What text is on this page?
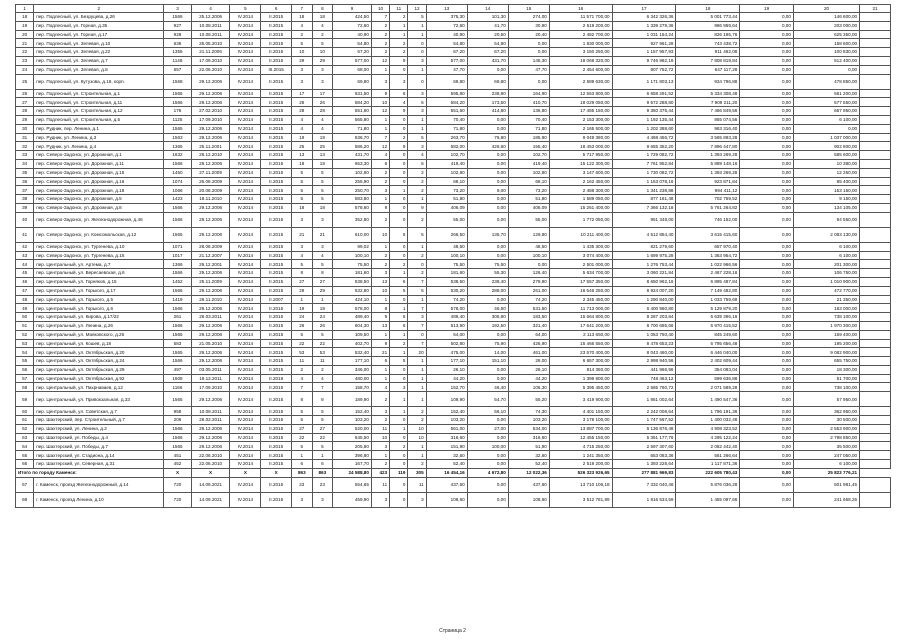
1	2	3	4	5	6	7	8	9	10	11	12	13	14	15	16	17	18	19	20	21
18	пер. Подлесный, ул. Безруцева, д.26	1566	25.12.2006	IV.2014	II.2015	18	18	424,50	7	2	5	375,30	101,30	274,00	11 571 700,00	6 342 326,36	5 001 773,44	0,00	146 600,00	
19	пер. Подлесный, ул. Горная, д.35	927	10.08.2011	IV.2014	II.2015	4	4	72,60	2	1	1	72,60	41,70	30,90	2 519 200,00	1 339 279,36	986 959,64	0,00	203 000,00	
20	пер. Подлесный, ул. Горная, д.17	928	10.08.2011	IV.2014	II.2015	2	2	40,90	2	1	1	40,90	20,50	20,40	2 482 700,00	1 031 154,24	826 195,76	0,00	625 350,00	
21	пер. Подлесный, ул. Зелевая, д.10	636	26.05.2010	IV.2014	II.2015	5	5	54,80	2	2	0	54,80	54,80	0,00	1 830 000,00	927 961,28	743 438,72	0,00	158 600,00	
22	пер. Подлесный, ул. Зелевая, д.22	1355	21.11.2006	IV.2014	II.2015	10	10	67,20	2	2	0	67,20	67,20	0,00	3 150 250,00	1 157 957,93	911 462,08	0,00	100 830,00	
23	пер. Подлесный, ул. Зелевая, д.7	1148	17.09.2010	IV.2014	II.2015	29	29	577,00	12	9	3	577,00	431,70	145,30	18 068 320,00	9 746 982,16	7 808 819,84	0,00	512 400,00	
24	пер. Подлесный, ул. Зелевая, д.8	657	22.06.2010	IV.2014	III.2015	3	3	68,00	1	0	1	47,70	0,00	47,70	2 454 600,00	807 752,72	647 117,28	0,00	0,00	
25	пер. Подлесный, ул. Кутузова, д.16, корп.	1568	29.12.2006	IV.2014	II.2015	3	3	69,80	3	3	0	69,80	69,80	0,00	2 589 630,00	1 171 803,13	934 796,88	0,00	478 850,00	
26	пер. Подлесный, ул. Строительная, д.1	1565	29.12.2006	IV.2014	II.2015	17	17	631,50	9	6	3	595,80	238,90	164,90	12 553 800,00	6 658 291,52	5 334 308,48	0,00	561 200,00	
27	пер. Подлесный, ул. Строительная, д.11	1566	29.12.2006	IV.2014	II.2015	26	26	584,20	10	4	6	584,20	173,50	410,70	18 029 050,00	9 572 288,80	7 909 211,20	0,00	577 550,00	
28	пер. Подлесный, ул. Строительная, д.12	176	27.02.2010	IV.2014	II.2015	28	28	551,60	12	9	3	551,60	414,80	136,80	17 485 150,00	9 350 375,44	7 466 849,56	0,00	667 950,00	
29	пер. Подлесный, ул. Строительная, д.5	1125	17.09.2010	IV.2014	II.2015	4	4	565,80	1	0	1	70,40	0,00	70,40	2 153 300,00	1 192 135,44	955 074,56	0,00	6 100,00	
30	пер. Рудник, пер. Ленина, д.1	1565	29.12.2006	IV.2014	II.2015	4	4	71,80	1	0	1	71,80	0,00	71,80	2 165 500,00	1 202 388,60	963 316,40	0,00	0,00	
31	пер. Рудник, ул. Ленина, д.3	1563	29.12.2006	IV.2014	II.2015	19	19	536,70	7	2	5	263,70	76,80	185,90	9 049 380,00	4 468 456,72	3 565 893,28	0,00	1 037 000,00	
32	пер. Рудник, ул. Ленина, д.4	1365	25.11.2001	IV.2014	II.2015	25	25	586,20	12	9	3	582,00	426,60	155,40	18 453 000,00	9 655 352,20	7 896 447,80	0,00	902 800,00	
33	пер. Северо-Задонск, ул. Дорожная, д.1	1632	28.12.2010	IV.2014	II.2015	13	13	431,70	4	0	4	102,70	0,00	102,70	5 717 950,00	1 729 082,72	1 393 269,28	0,00	585 600,00	
34	пер. Северо-Задонск, ул. Дорожная, д.11	1566	29.12.2006	IV.2014	II.2015	18	18	653,30	6	0	6	419,40	0,00	419,40	15 122 300,00	7 761 952,84	5 889 148,16	0,00	10 380,00	
35	пер. Северо-Задонск, ул. Дорожная, д.15	1450	27.11.2009	IV.2014	II.2015	5	5	102,80	2	0	2	102,80	0,00	102,80	3 147 600,00	1 730 082,72	1 393 269,28	0,00	12 250,00	
36	пер. Северо-Задонск, ул. Дорожная, д.16	1074	26.08.2009	IV.2014	II.2015	5	5	256,90	2	0	2	68,10	0,00	68,10	2 162 450,00	1 153 078,16	923 871,84	0,00	85 400,00	
37	пер. Северо-Задонск, ул. Дорожная, д.18	1066	20.08.2009	IV.2014	II.2015	5	5	250,70	3	1	2	73,20	9,00	73,20	2 488 300,00	1 341 238,88	994 411,12	0,00	153 150,00	
38	пер. Северо-Задонск, ул. Дорожная, д.5	1423	18.11.2010	IV.2014	II.2015	5	5	583,80	1	0	1	51,80	0,00	51,80	1 589 050,00	877 161,48	702 759,52	0,00	9 150,00	
39	пер. Северо-Задонск, ул. Дорожная, д.8	1566	29.12.2006	IV.2014	II.2015	18	18	578,60	9	0	9	406,09	0,00	406,09	15 261 400,00	7 366 132,18	5 761 264,82	0,00	134 105,00	
40	пер. Северо-Задонск, ул. Железнодорожная, д.46	1566	29.12.2006	IV.2014	II.2015	3	3	352,80	2	0	2	55,00	0,00	55,00	1 772 050,00	951 348,00	746 152,00	0,00	94 550,00	
41	пер. Северо-Задонск, ул. Комсомольская, д.12	1565	29.12.2006	IV.2014	II.2015	21	21	610,00	10	5	5	266,50	136,70	129,80	10 211 400,00	4 512 854,40	3 615 415,60	0,00	2 083 130,00	
42	пер. Северо-Задонск, ул. Тургенева, д.10	1071	28.08.2009	IV.2014	II.2015	3	3	99,02	1	0	1	48,50	0,00	48,50	1 435 300,00	821 279,60	657 970,40	0,00	6 100,00	
43	пер. Северо-Задонск, ул. Тургенева, д.15	1017	21.12.2007	IV.2014	II.2015	4	4	100,10	2	0	2	100,10	0,00	100,10	3 074 400,00	1 699 975,28	1 363 954,72	0,00	6 100,00	
44	пер. Центральный, ул. Артема, д.7	1366	29.12.2001	IV.2014	II.2015	5	5	75,50	2	2	0	75,50	75,50	0,00	2 501 000,00	1 276 753,44	1 022 966,56	0,00	201 300,00	
45	пер. Центральный, ул. Вересаевская, д.6	1566	29.12.2006	IV.2014	II.2015	8	8	181,60	3	1	2	181,60	55,30	126,40	5 634 700,00	3 060 221,84	2 467 228,16	0,00	106 750,00	
46	пер. Центральный, ул. Горняков, д.15	1452	25.11.2009	IV.2014	II.2015	27	27	538,50	13	6	7	538,50	238,40	279,90	17 557 350,00	8 650 962,16	6 895 487,84	0,00	1 010 900,00	
47	пер. Центральный, ул. Горького, д.17	1566	29.12.2006	IV.2014	II.2015	29	29	532,80	10	5	5	530,20	288,00	261,00	16 546 250,00	8 924 007,20	7 149 482,80	0,00	472 770,00	
48	пер. Центральный, ул. Горького, д.5	1419	26.11.2010	IV.2014	II.2007	1	1	424,10	1	0	1	74,20	0,00	74,20	2 345 450,00	1 290 840,00	1 033 759,68	0,00	21 350,00	
49	пер. Центральный, ул. Горького, д.6	1566	29.12.2006	IV.2014	II.2015	19	19	578,00	8	1	7	578,00	46,50	531,50	11 713 000,00	6 400 960,80	5 129 879,20	0,00	183 000,00	
50	пер. Центральный, ул. Кирова, д.17/22	261	26.03.2011	IV.2014	II.2015	24	24	489,40	9	6	3	489,40	305,90	183,50	15 664 800,00	8 287 203,84	6 639 396,16	0,00	738 100,00	
51	пер. Центральный, ул. Ленина, д.26	1566	29.12.2006	IV.2014	II.2015	26	26	604,30	13	6	7	513,90	192,50	321,40	17 641 200,00	8 700 685,66	6 970 415,52	0,00	1 970 300,00	
52	пер. Центральный, ул. Маяковского, д.26	1565	29.12.2006	IV.2014	II.2015	5	5	109,50	1	1	0	64,00	0,00	64,00	2 113 650,00	1 053 750,40	845 249,60	0,00	169 400,00	
53	пер. Центральный, ул. Кошев, д.18	583	21.05.2010	IV.2014	II.2015	22	22	402,70	9	2	7	502,80	75,90	426,90	15 466 550,00	8 478 653,23	6 795 656,48	0,00	195 200,00	
54	пер. Центральный, ул. Октябрьская, д.20	1565	29.12.2006	IV.2014	II.2015	53	53	532,40	21	1	20	475,00	14,00	461,00	23 570 400,00	8 043 460,00	6 446 040,00	0,00	9 082 900,00	
55	пер. Центральный, ул. Октябрьская, д.24	1566	29.12.2006	IV.2014	II.2015	11	11	177,10	6	5	1	177,10	151,10	26,00	6 657 300,00	2 998 940,56	2 402 609,44	0,00	655 750,00	
56	пер. Центральный, ул. Октябрьская, д.29	497	03.05.2011	IV.2014	II.2015	2	2	346,00	1	0	1	26,10	0,00	26,10	814 350,00	441 966,96	354 083,04	0,00	18 300,00	
57	пер. Центральный, ул. Октябрьская, д.92	1508	19.12.2011	IV.2014	II.2018	4	4	480,00	1	0	1	44,20	0,00	44,20	1 399 800,00	748 463,12	599 636,88	0,00	51 700,00	
58	пер. Центральный, ул. Пахрнаваев, д.12	1166	17.09.2010	IV.2014	II.2015	7	7	158,70	4	3	1	152,70	46,40	106,30	5 395 450,00	2 585 760,72	2 071 589,28	0,00	738 100,00	
59	пер. Центральный, ул. Привокзальная, д.33	1565	29.12.2006	IV.2014	II.2015	8	8	189,90	2	1	1	109,90	54,70	55,20	3 419 900,00	1 861 002,64	1 490 547,36	0,00	57 950,00	
60	пер. Центральный, ул. Советская, д.7	958	10.08.2011	IV.2014	II.2015	5	5	152,40	3	1	2	152,40	56,10	74,30	4 401 150,00	2 242 008,64	1 796 191,36	0,00	362 950,00	
61	пер. Шахтерский, пер. Строительный, д.7	206	26.02.2011	IV.2014	II.2015	5	5	103,20	2	0	2	103,20	0,00	103,20	3 178 100,00	1 747 567,52	1 400 032,48	0,00	30 500,00	
62	пер. Шахтерский, ул. Ленина, д.2	1566	29.12.2006	IV.2014	II.2015	27	27	520,00	11	1	10	561,00	27,00	534,00	13 887 700,00	6 136 876,48	4 908 323,52	0,00	2 553 900,00	
63	пер. Шахтерский, ул. Победы, д.4	1566	29.12.2006	IV.2014	II.2015	22	22	545,50	10	0	10	316,60	0,00	316,60	12 455 150,00	5 361 177,76	4 295 122,24	0,00	2 798 850,00	
64	пер. Шахтерский, ул. Победы, д.7	1565	29.12.2006	IV.2014	II.2015	5	5	205,80	3	2	1	151,90	100,00	51,90	4 715 250,00	2 597 307,60	2 082 442,40	0,00	35 500,00	
65	пер. Шахтерский, ул. Стадиона, д.14	451	22.06.2010	IV.2014	II.2015	1	1	396,80	1	0	1	32,60	0,00	32,60	1 241 350,00	653 083,36	561 266,64	0,00	247 050,00	
66	пер. Шахтерский, ул. Северная, д.31	452	22.06.2010	IV.2014	II.2015	6	6	167,70	2	0	2	52,40	0,00	52,40	2 519 200,00	1 393 228,64	1 117 871,36	0,00	6 100,00	
Итого по городу Каменск:		X	X	X	X	863	863	24 588,80	423	119	305	16 454,16	4 672,80	12 022,36	526 323 926,65	277 881 969,83	222 605 780,43	0,00	25 823 776,21	
67	г. Каменск, проезд Железнодорожный, д.14	720	14.09.2021	IV.2014	II.2015	23	23	554,65	11	0	11	437,60	0,00	437,60	13 710 106,18	7 332 040,46	5 876 036,28	0,00	501 981,45	
68	г. Каменск, проезд Ленина, д.10	720	14.09.2021	IV.2014	II.2015	3	3	459,90	3	0	3	108,60	0,00	108,60	3 512 781,89	1 816 534,59	1 455 097,66	0,00	241 658,26	
Страница 2
